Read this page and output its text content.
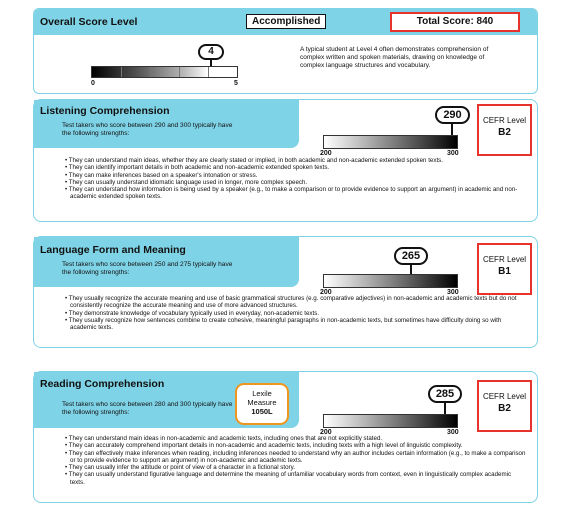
Overall Score Level	Accomplished	Total Score: 840
4
0	5
A typical student at Level 4 often demonstrates comprehension of complex written and spoken materials, drawing on knowledge of complex language structures and vocabulary.
Listening Comprehension
Test takers who score between 290 and 300 typically have the following strengths:
290
200	300
CEFR Level
B2
• They can understand main ideas, whether they are clearly stated or implied, in both academic and non-academic extended spoken texts.
• They can identify important details in both academic and non-academic extended spoken texts.
• They can make inferences based on a speaker's intonation or stress.
• They can usually understand idiomatic language used in longer, more complex speech.
• They can understand how information is being used by a speaker (e.g., to make a comparison or to provide evidence to support an argument) in academic and non-academic extended spoken texts.
Language Form and Meaning
Test takers who score between 250 and 275 typically have the following strengths:
265
200	300
CEFR Level
B1
• They usually recognize the accurate meaning and use of basic grammatical structures (e.g. comparative adjectives) in non-academic and academic texts but do not consistently recognize the accurate meaning and use of more advanced structures.
• They demonstrate knowledge of vocabulary typically used in everyday, non-academic texts.
• They usually recognize how sentences combine to create cohesive, meaningful paragraphs in non-academic texts, but sometimes have difficulty doing so with academic texts.
Reading Comprehension
Test takers who score between 280 and 300 typically have the following strengths:
Lexile Measure
1050L
285
200	300
CEFR Level
B2
• They can understand main ideas in non-academic and academic texts, including ones that are not explicitly stated.
• They can accurately comprehend important details in non-academic and academic texts, including texts with a high level of linguistic complexity.
• They can effectively make inferences when reading, including inferences needed to understand why an author includes certain information (e.g., to make a comparison or to provide evidence to support an argument) in non-academic and academic texts.
• They can usually infer the attitude or point of view of a character in a fictional story.
• They can usually understand figurative language and determine the meaning of unfamiliar vocabulary words from context, even in linguistically complex academic texts.
